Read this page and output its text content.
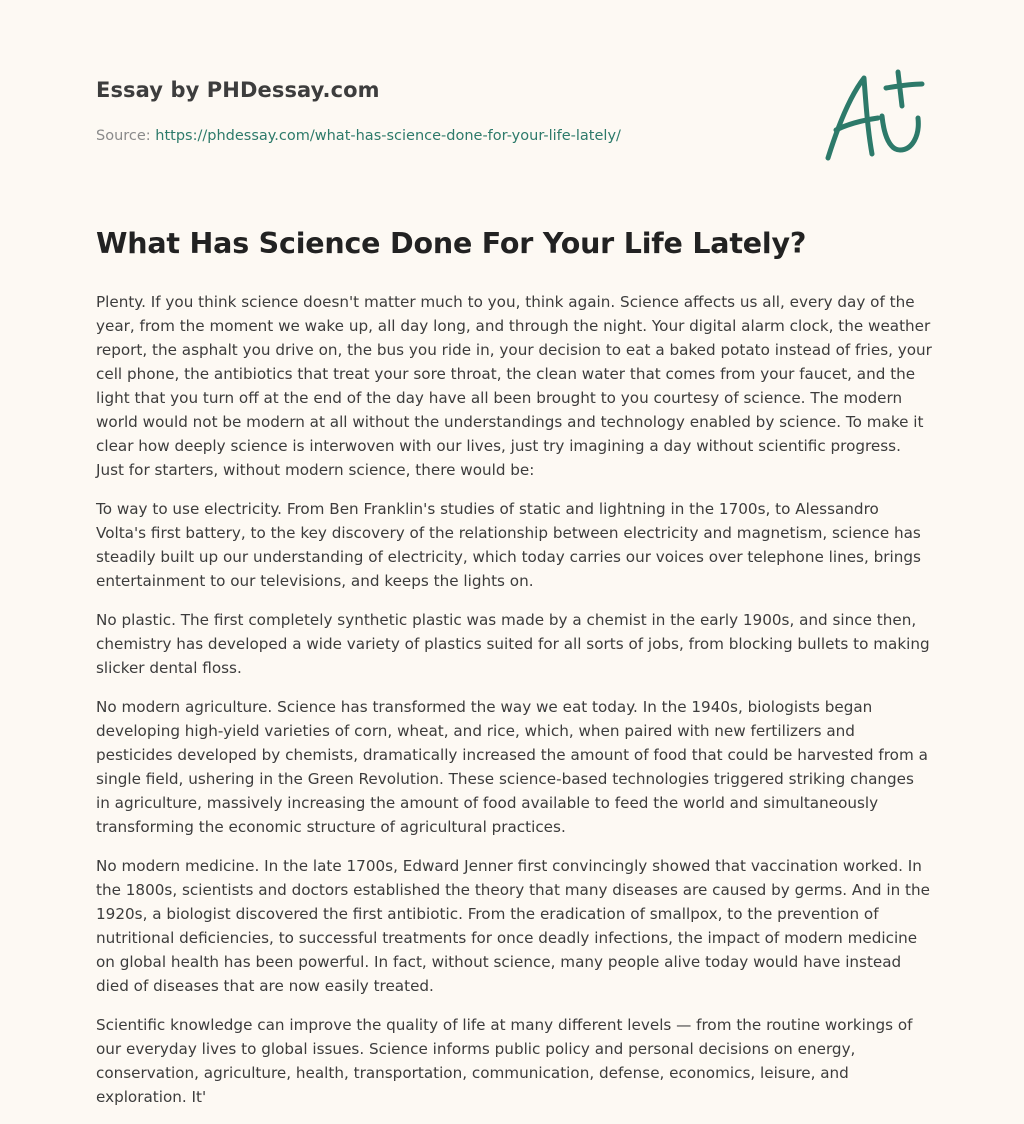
Essay by PHDessay.com
Source: https://phdessay.com/what-has-science-done-for-your-life-lately/
What Has Science Done For Your Life Lately?

Plenty. If you think science doesn't matter much to you, think again. Science affects us all, every day of the year, from the moment we wake up, all day long, and through the night. Your digital alarm clock, the weather report, the asphalt you drive on, the bus you ride in, your decision to eat a baked potato instead of fries, your cell phone, the antibiotics that treat your sore throat, the clean water that comes from your faucet, and the light that you turn off at the end of the day have all been brought to you courtesy of science. The modern world would not be modern at all without the understandings and technology enabled by science. To make it clear how deeply science is interwoven with our lives, just try imagining a day without scientific progress. Just for starters, without modern science, there would be:

To way to use electricity. From Ben Franklin's studies of static and lightning in the 1700s, to Alessandro Volta's first battery, to the key discovery of the relationship between electricity and magnetism, science has steadily built up our understanding of electricity, which today carries our voices over telephone lines, brings entertainment to our televisions, and keeps the lights on.

No plastic. The first completely synthetic plastic was made by a chemist in the early 1900s, and since then, chemistry has developed a wide variety of plastics suited for all sorts of jobs, from blocking bullets to making slicker dental floss.

No modern agriculture. Science has transformed the way we eat today. In the 1940s, biologists began developing high-yield varieties of corn, wheat, and rice, which, when paired with new fertilizers and pesticides developed by chemists, dramatically increased the amount of food that could be harvested from a single field, ushering in the Green Revolution. These science-based technologies triggered striking changes in agriculture, massively increasing the amount of food available to feed the world and simultaneously transforming the economic structure of agricultural practices.

No modern medicine. In the late 1700s, Edward Jenner first convincingly showed that vaccination worked. In the 1800s, scientists and doctors established the theory that many diseases are caused by germs. And in the 1920s, a biologist discovered the first antibiotic. From the eradication of smallpox, to the prevention of nutritional deficiencies, to successful treatments for once deadly infections, the impact of modern medicine on global health has been powerful. In fact, without science, many people alive today would have instead died of diseases that are now easily treated.

Scientific knowledge can improve the quality of life at many different levels — from the routine workings of our everyday lives to global issues. Science informs public policy and personal decisions on energy, conservation, agriculture, health, transportation, communication, defense, economics, leisure, and exploration. It'
